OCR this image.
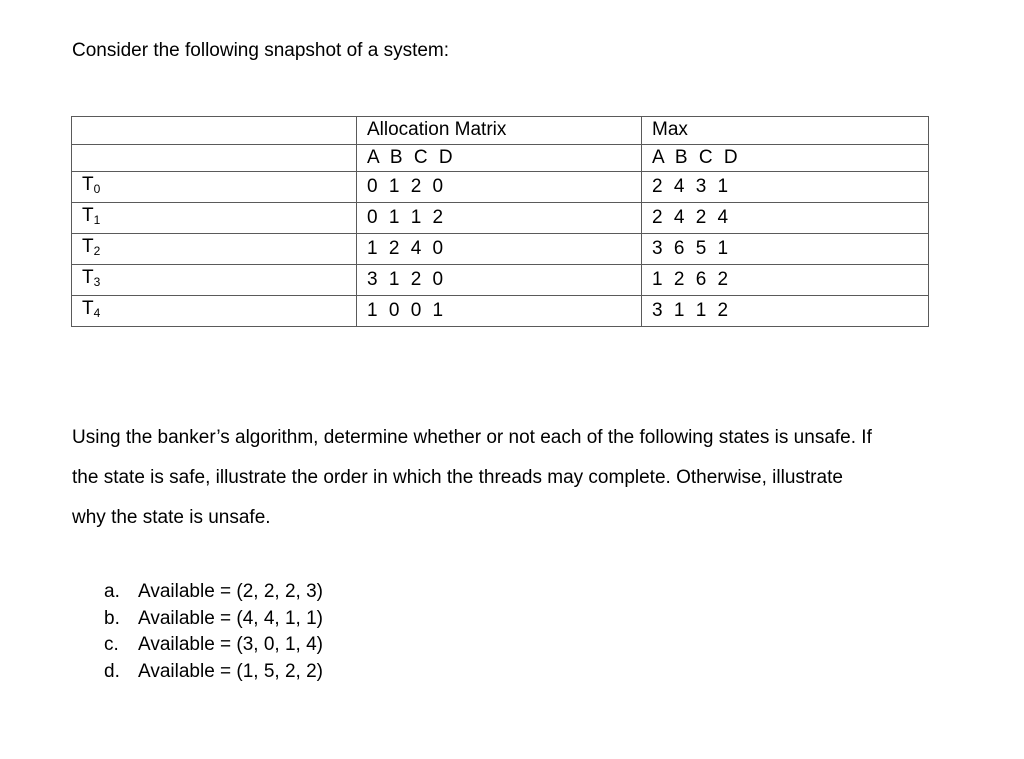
Consider the following snapshot of a system:

	Allocation Matrix	Max
	A B C D	A B C D
$T_0$	0 1 2 0	2 4 3 1
$T_1$	0 1 1 2	2 4 2 4
$T_2$	1 2 4 0	3 6 5 1
$T_3$	3 1 2 0	1 2 6 2
$T_4$	1 0 0 1	3 1 1 2

Using the banker’s algorithm, determine whether or not each of the following states is unsafe. If
the state is safe, illustrate the order in which the threads may complete. Otherwise, illustrate
why the state is unsafe.

a. Available = (2, 2, 2, 3)
b. Available = (4, 4, 1, 1)
c. Available = (3, 0, 1, 4)
d. Available = (1, 5, 2, 2)
